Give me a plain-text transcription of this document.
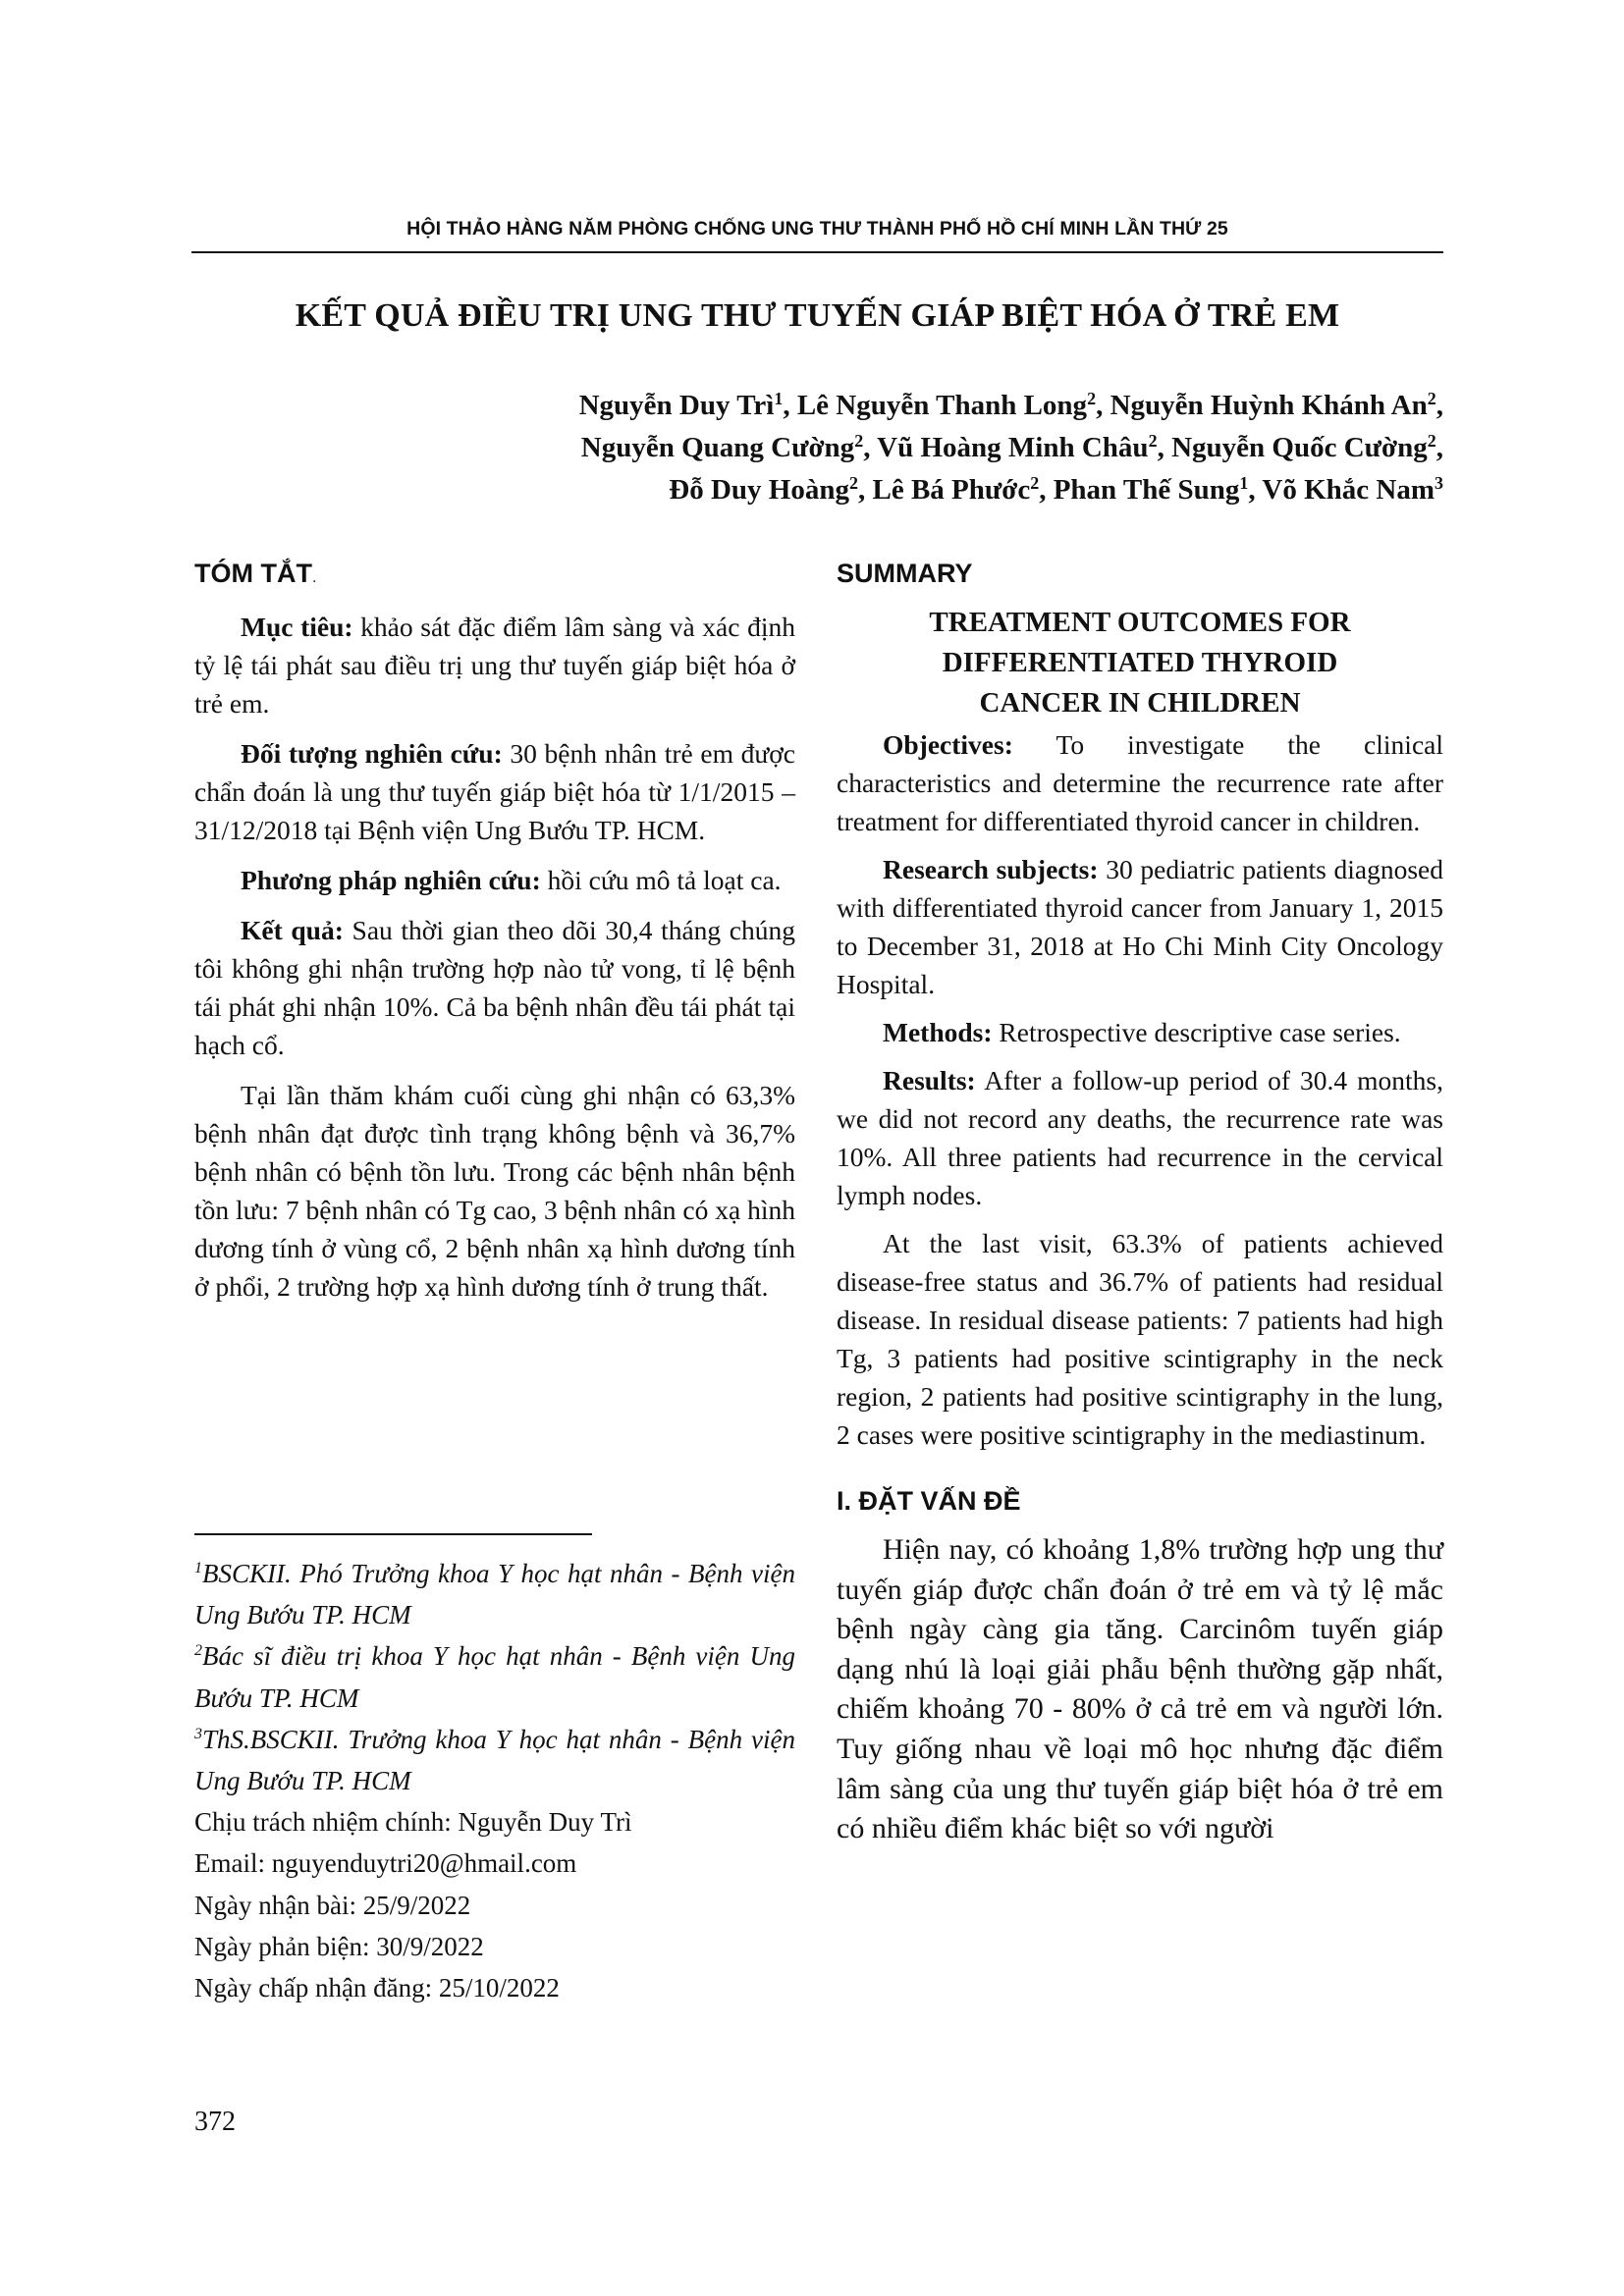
HỘI THẢO HÀNG NĂM PHÒNG CHỐNG UNG THƯ THÀNH PHỐ HỒ CHÍ MINH LẦN THỨ 25
KẾT QUẢ ĐIỀU TRỊ UNG THƯ TUYẾN GIÁP BIỆT HÓA Ở TRẺ EM
Nguyễn Duy Trì$^1$, Lê Nguyễn Thanh Long$^2$, Nguyễn Huỳnh Khánh An$^2$,
Nguyễn Quang Cường$^2$, Vũ Hoàng Minh Châu$^2$, Nguyễn Quốc Cường$^2$,
Đỗ Duy Hoàng$^2$, Lê Bá Phước$^2$, Phan Thế Sung$^1$, Võ Khắc Nam$^3$
TÓM TẮT.

Mục tiêu: khảo sát đặc điểm lâm sàng và xác định tỷ lệ tái phát sau điều trị ung thư tuyến giáp biệt hóa ở trẻ em.

Đối tượng nghiên cứu: 30 bệnh nhân trẻ em được chẩn đoán là ung thư tuyến giáp biệt hóa từ 1/1/2015 – 31/12/2018 tại Bệnh viện Ung Bướu TP. HCM.

Phương pháp nghiên cứu: hồi cứu mô tả loạt ca.

Kết quả: Sau thời gian theo dõi 30,4 tháng chúng tôi không ghi nhận trường hợp nào tử vong, tỉ lệ bệnh tái phát ghi nhận 10%. Cả ba bệnh nhân đều tái phát tại hạch cổ.

Tại lần thăm khám cuối cùng ghi nhận có 63,3% bệnh nhân đạt được tình trạng không bệnh và 36,7% bệnh nhân có bệnh tồn lưu. Trong các bệnh nhân bệnh tồn lưu: 7 bệnh nhân có Tg cao, 3 bệnh nhân có xạ hình dương tính ở vùng cổ, 2 bệnh nhân xạ hình dương tính ở phổi, 2 trường hợp xạ hình dương tính ở trung thất.

SUMMARY
TREATMENT OUTCOMES FOR
DIFFERENTIATED THYROID
CANCER IN CHILDREN

Objectives: To investigate the clinical characteristics and determine the recurrence rate after treatment for differentiated thyroid cancer in children.

Research subjects: 30 pediatric patients diagnosed with differentiated thyroid cancer from January 1, 2015 to December 31, 2018 at Ho Chi Minh City Oncology Hospital.

Methods: Retrospective descriptive case series.

Results: After a follow-up period of 30.4 months, we did not record any deaths, the recurrence rate was 10%. All three patients had recurrence in the cervical lymph nodes.

At the last visit, 63.3% of patients achieved disease-free status and 36.7% of patients had residual disease. In residual disease patients: 7 patients had high Tg, 3 patients had positive scintigraphy in the neck region, 2 patients had positive scintigraphy in the lung, 2 cases were positive scintigraphy in the mediastinum.

I. ĐẶT VẤN ĐỀ

Hiện nay, có khoảng 1,8% trường hợp ung thư tuyến giáp được chẩn đoán ở trẻ em và tỷ lệ mắc bệnh ngày càng gia tăng. Carcinôm tuyến giáp dạng nhú là loại giải phẫu bệnh thường gặp nhất, chiếm khoảng 70 - 80% ở cả trẻ em và người lớn. Tuy giống nhau về loại mô học nhưng đặc điểm lâm sàng của ung thư tuyến giáp biệt hóa ở trẻ em có nhiều điểm khác biệt so với người

$^1$BSCKII. Phó Trưởng khoa Y học hạt nhân - Bệnh viện Ung Bướu TP. HCM
$^2$Bác sĩ điều trị khoa Y học hạt nhân - Bệnh viện Ung Bướu TP. HCM
$^3$ThS.BSCKII. Trưởng khoa Y học hạt nhân - Bệnh viện Ung Bướu TP. HCM
Chịu trách nhiệm chính: Nguyễn Duy Trì
Email: nguyenduytri20@hmail.com
Ngày nhận bài: 25/9/2022
Ngày phản biện: 30/9/2022
Ngày chấp nhận đăng: 25/10/2022
372
